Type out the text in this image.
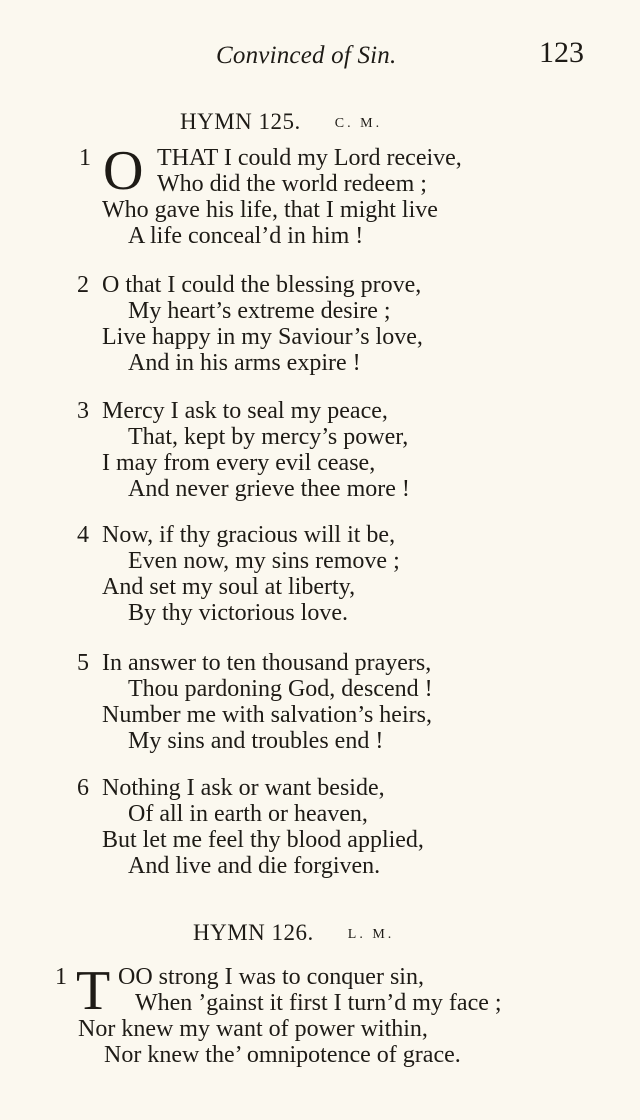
Convinced of Sin.	123
HYMN 125. C. M.
1 O THAT I could my Lord receive,
Who did the world redeem ;
Who gave his life, that I might live
A life conceal’d in him !
2 O that I could the blessing prove,
My heart’s extreme desire ;
Live happy in my Saviour’s love,
And in his arms expire !
3 Mercy I ask to seal my peace,
That, kept by mercy’s power,
I may from every evil cease,
And never grieve thee more !
4 Now, if thy gracious will it be,
Even now, my sins remove ;
And set my soul at liberty,
By thy victorious love.
5 In answer to ten thousand prayers,
Thou pardoning God, descend !
Number me with salvation’s heirs,
My sins and troubles end !
6 Nothing I ask or want beside,
Of all in earth or heaven,
But let me feel thy blood applied,
And live and die forgiven.
HYMN 126. L. M.
1 T OO strong I was to conquer sin,
When ’gainst it first I turn’d my face ;
Nor knew my want of power within,
Nor knew the’ omnipotence of grace.
